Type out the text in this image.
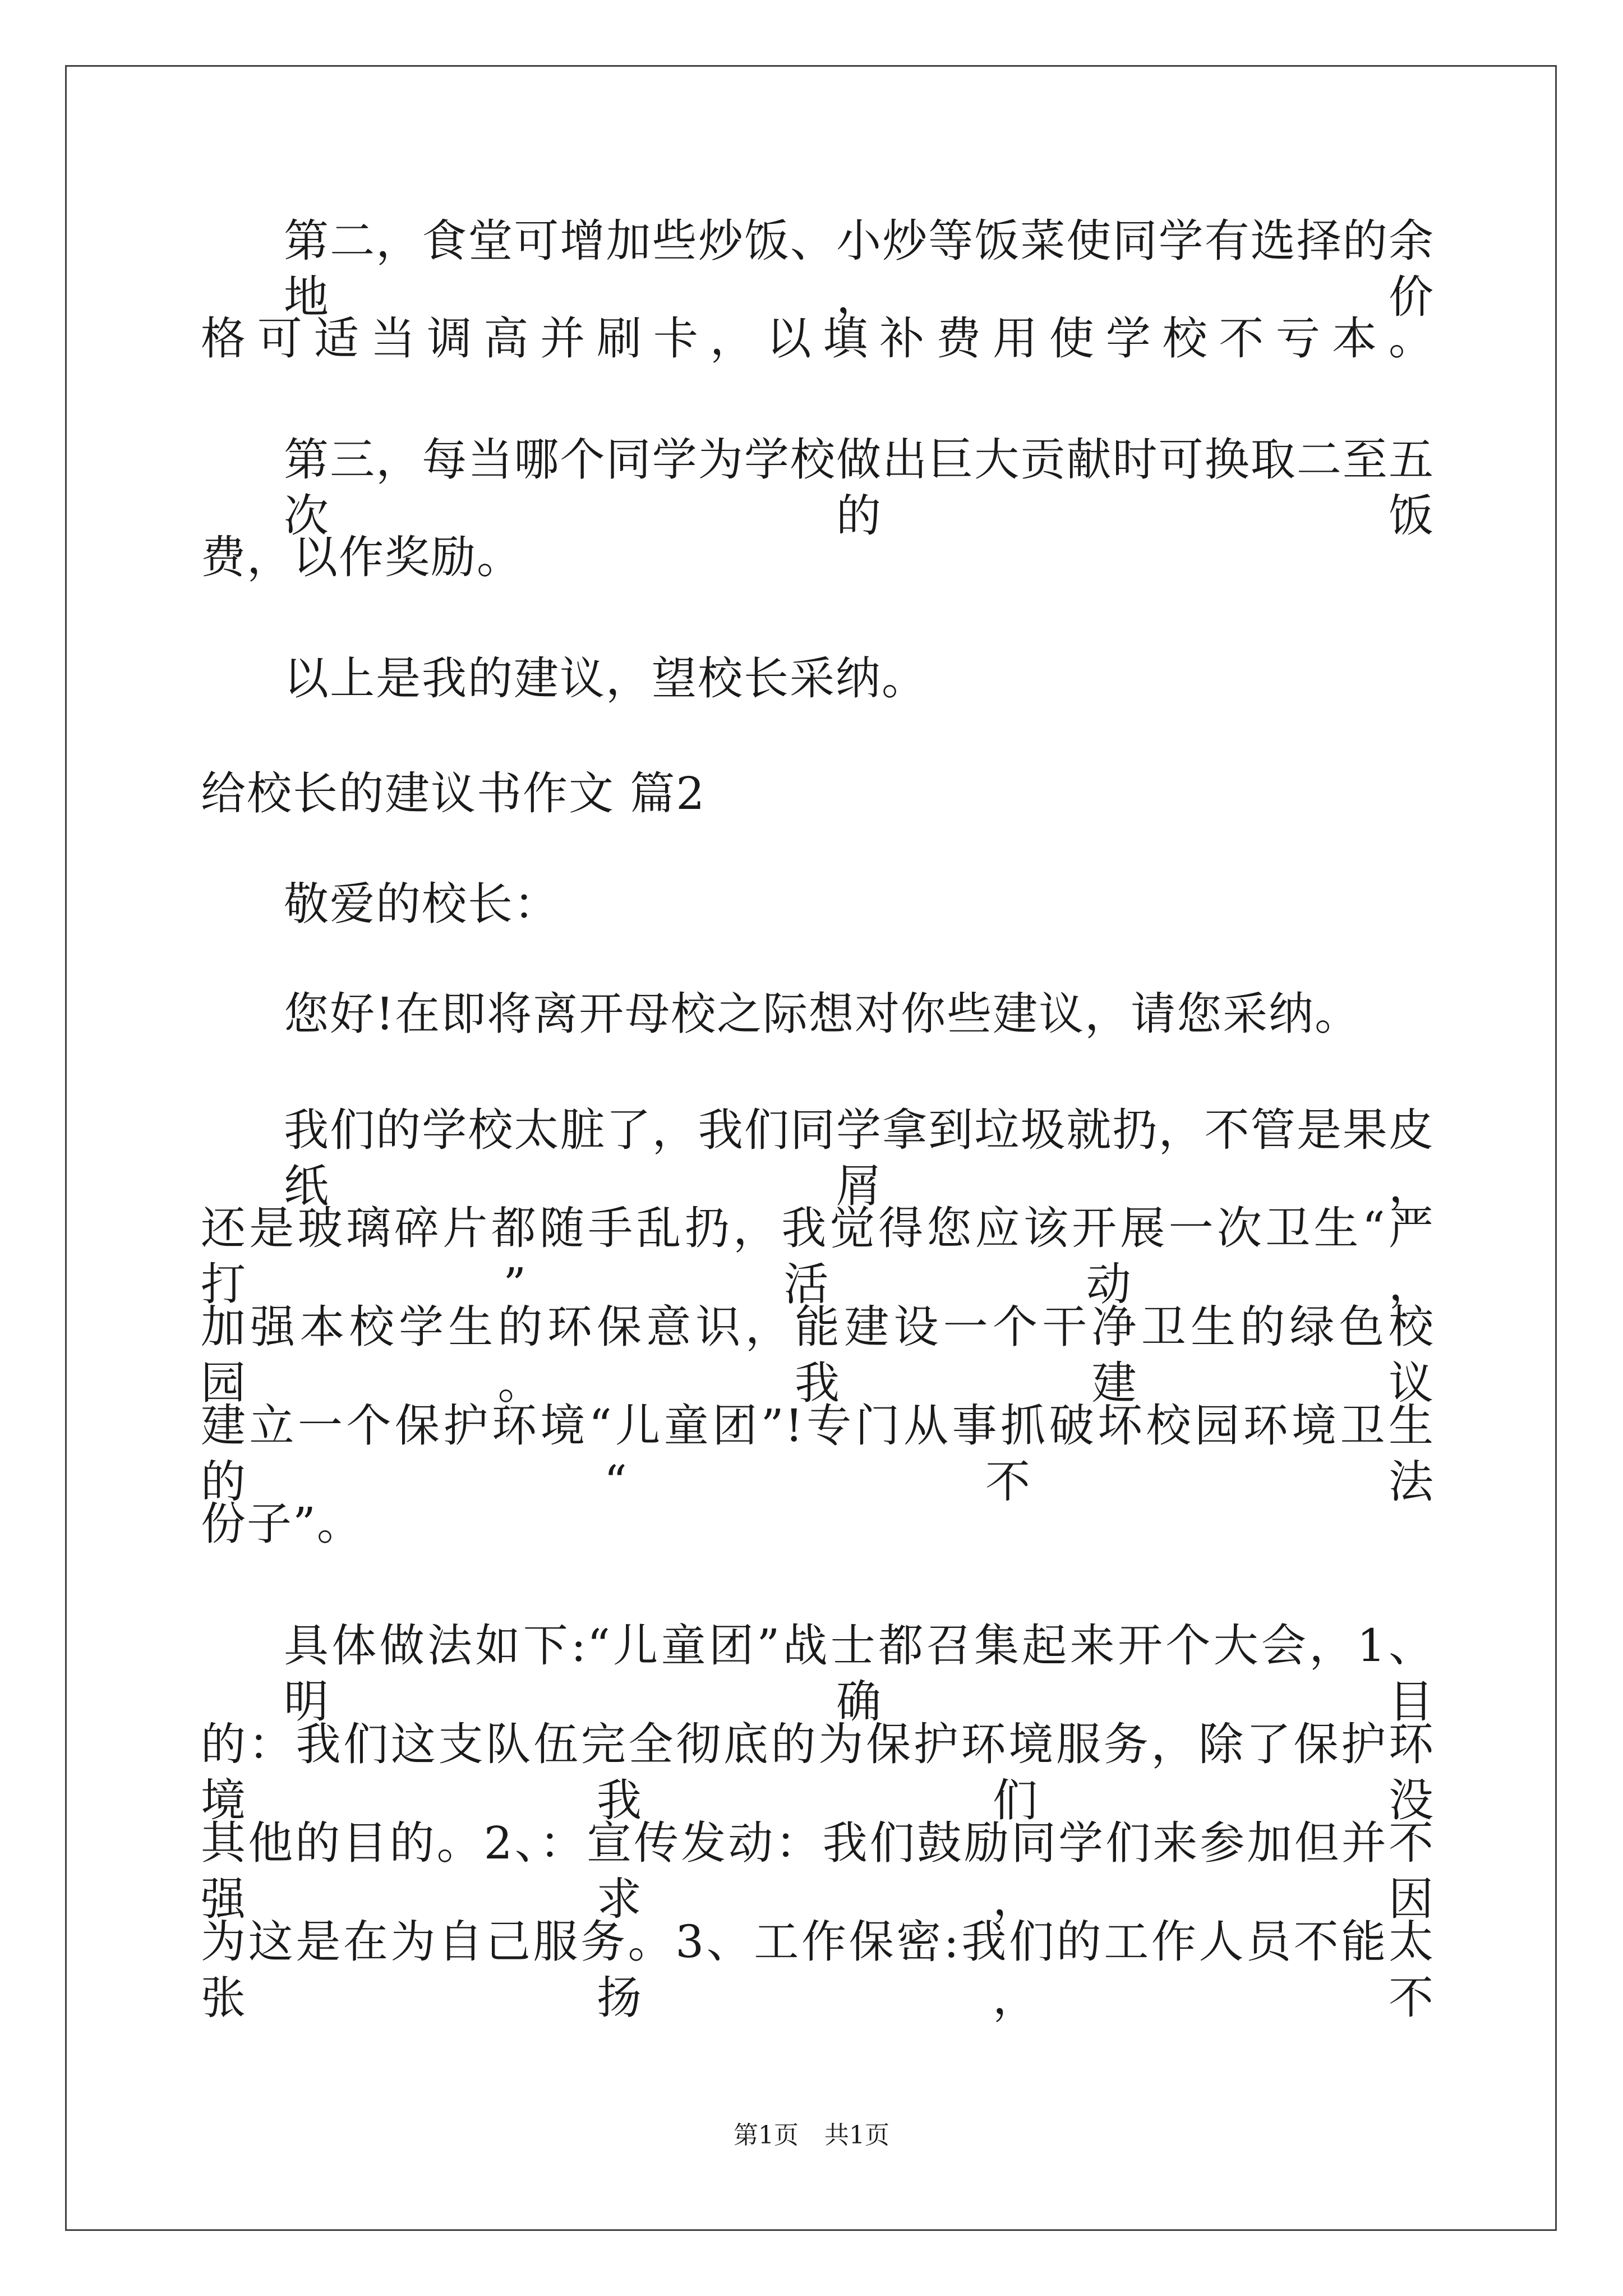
第二，食堂可增加些炒饭、小炒等饭菜使同学有选择的余地，价
格可适当调高并刷卡，以填补费用使学校不亏本。
第三，每当哪个同学为学校做出巨大贡献时可换取二至五次的饭
费，以作奖励。
以上是我的建议，望校长采纳。
给校长的建议书作文 篇2
敬爱的校长：
您好!在即将离开母校之际想对你些建议，请您采纳。
我们的学校太脏了，我们同学拿到垃圾就扔，不管是果皮纸屑，
还是玻璃碎片都随手乱扔，我觉得您应该开展一次卫生“严打”活动，
加强本校学生的环保意识，能建设一个干净卫生的绿色校园。我建议
建立一个保护环境“儿童团”!专门从事抓破坏校园环境卫生的“不法
份子”。
具体做法如下:“儿童团”战士都召集起来开个大会，1、明确目
的：我们这支队伍完全彻底的为保护环境服务，除了保护环境我们没
其他的目的。2、：宣传发动：我们鼓励同学们来参加但并不强求，因
为这是在为自己服务。3、工作保密:我们的工作人员不能太张扬，不
第1页 共1页
